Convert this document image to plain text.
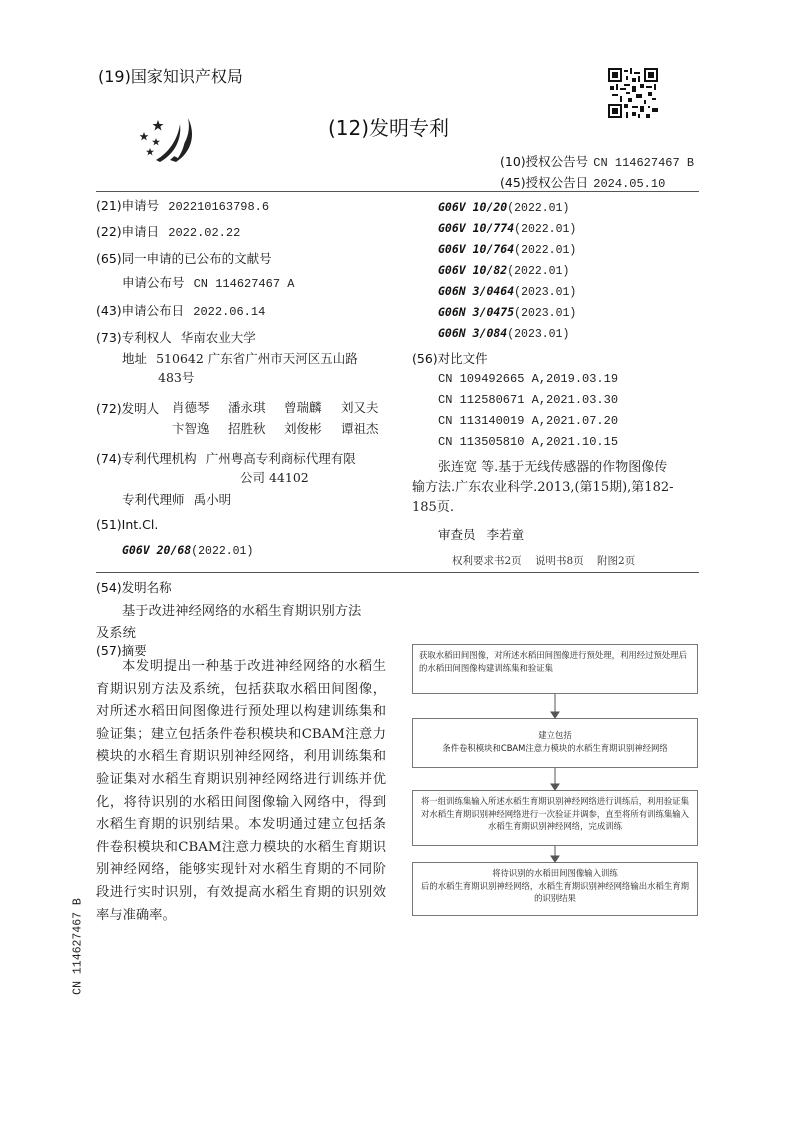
(19)国家知识产权局
(12)发明专利
(10)授权公告号 CN 114627467 B
(45)授权公告日 2024.05.10
(21)申请号 202210163798.6
(22)申请日 2022.02.22
(65)同一申请的已公布的文献号
申请公布号 CN 114627467 A
(43)申请公布日 2022.06.14
(73)专利权人 华南农业大学
地址 510642 广东省广州市天河区五山路
483号
(72)发明人 肖德琴 潘永琪 曾瑞麟 刘又夫
卞智逸 招胜秋 刘俊彬 谭祖杰
(74)专利代理机构 广州粤高专利商标代理有限
公司 44102
专利代理师 禹小明
(51)Int.Cl.
G06V 20/68(2022.01)
G06V 10/20(2022.01)
G06V 10/774(2022.01)
G06V 10/764(2022.01)
G06V 10/82(2022.01)
G06N 3/0464(2023.01)
G06N 3/0475(2023.01)
G06N 3/084(2023.01)
(56)对比文件
CN 109492665 A,2019.03.19
CN 112580671 A,2021.03.30
CN 113140019 A,2021.07.20
CN 113505810 A,2021.10.15
张连宽 等.基于无线传感器的作物图像传
输方法.广东农业科学.2013,(第15期),第182-
185页.
审查员 李若童
权利要求书2页    说明书8页    附图2页
(54)发明名称
基于改进神经网络的水稻生育期识别方法
及系统
(57)摘要

本发明提出一种基于改进神经网络的水稻生育期识别方法及系统，包括获取水稻田间图像，对所述水稻田间图像进行预处理以构建训练集和验证集；建立包括条件卷积模块和CBAM注意力模块的水稻生育期识别神经网络，利用训练集和验证集对水稻生育期识别神经网络进行训练并优化，将待识别的水稻田间图像输入网络中，得到水稻生育期的识别结果。本发明通过建立包括条件卷积模块和CBAM注意力模块的水稻生育期识别神经网络，能够实现针对水稻生育期的不同阶段进行实时识别，有效提高水稻生育期的识别效率与准确率。

获取水稻田间图像，对所述水稻田间图像进行预处理，利用经过预处理后的水稻田间图像构建训练集和验证集
建立包括
条件卷积模块和CBAM注意力模块的水稻生育期识别神经网络
将一组训练集输入所述水稻生育期识别神经网络进行训练后，利用验证集对水稻生育期识别神经网络进行一次验证并调参，直至将所有训练集输入水稻生育期识别神经网络，完成训练
将待识别的水稻田间图像输入训练
后的水稻生育期识别神经网络，水稻生育期识别神经网络输出水稻生育期的识别结果
CN 114627467 B
